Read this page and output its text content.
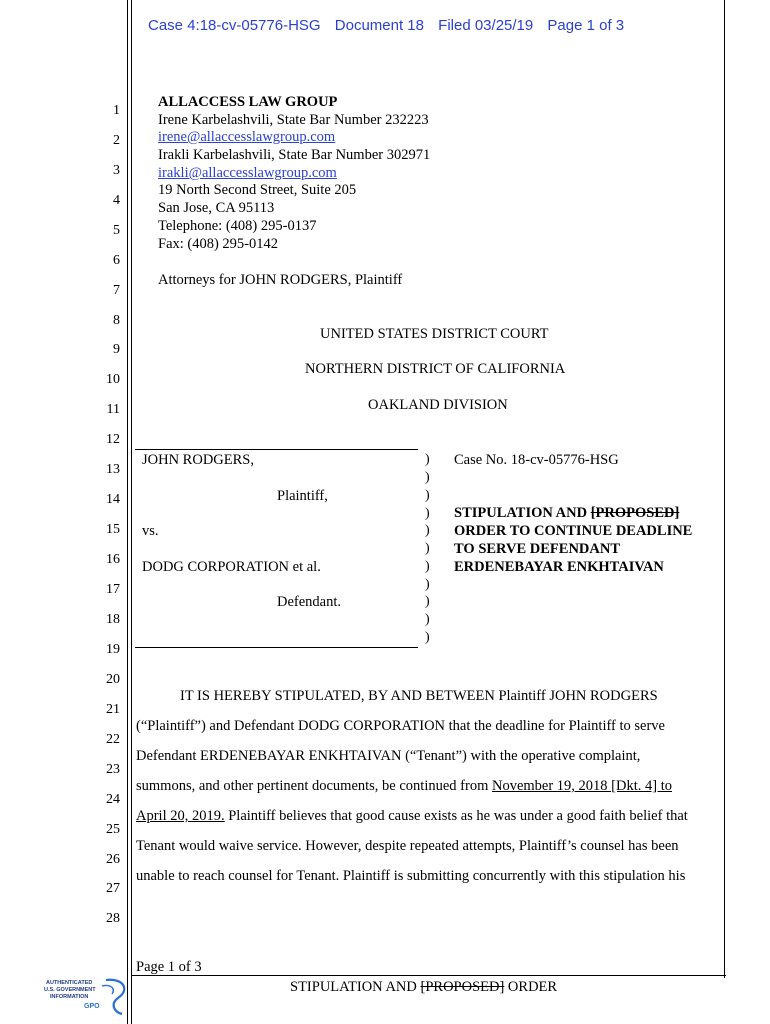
Case 4:18-cv-05776-HSG Document 18 Filed 03/25/19 Page 1 of 3
1
2
3
4
5
6
7
8
9
10
11
12
13
14
15
16
17
18
19
20
21
22
23
24
25
26
27
28
ALLACCESS LAW GROUP
Irene Karbelashvili, State Bar Number 232223
irene@allaccesslawgroup.com
Irakli Karbelashvili, State Bar Number 302971
irakli@allaccesslawgroup.com
19 North Second Street, Suite 205
San Jose, CA 95113
Telephone: (408) 295-0137
Fax: (408) 295-0142
Attorneys for JOHN RODGERS, Plaintiff
UNITED STATES DISTRICT COURT
NORTHERN DISTRICT OF CALIFORNIA
OAKLAND DIVISION
JOHN RODGERS,
Plaintiff,
vs.
DODG CORPORATION et al.
Defendant.
)
)
)
)
)
)
)
)
)
)
)
Case No. 18-cv-05776-HSG
STIPULATION AND [PROPOSED]
ORDER TO CONTINUE DEADLINE
TO SERVE DEFENDANT
ERDENEBAYAR ENKHTAIVAN
IT IS HEREBY STIPULATED, BY AND BETWEEN Plaintiff JOHN RODGERS
(“Plaintiff”) and Defendant DODG CORPORATION that the deadline for Plaintiff to serve
Defendant ERDENEBAYAR ENKHTAIVAN (“Tenant”) with the operative complaint,
summons, and other pertinent documents, be continued from November 19, 2018 [Dkt. 4] to
April 20, 2019. Plaintiff believes that good cause exists as he was under a good faith belief that
Tenant would waive service. However, despite repeated attempts, Plaintiff’s counsel has been
unable to reach counsel for Tenant. Plaintiff is submitting concurrently with this stipulation his
Page 1 of 3
STIPULATION AND [PROPOSED] ORDER
AUTHENTICATED
U.S. GOVERNMENT
INFORMATION
GPO
